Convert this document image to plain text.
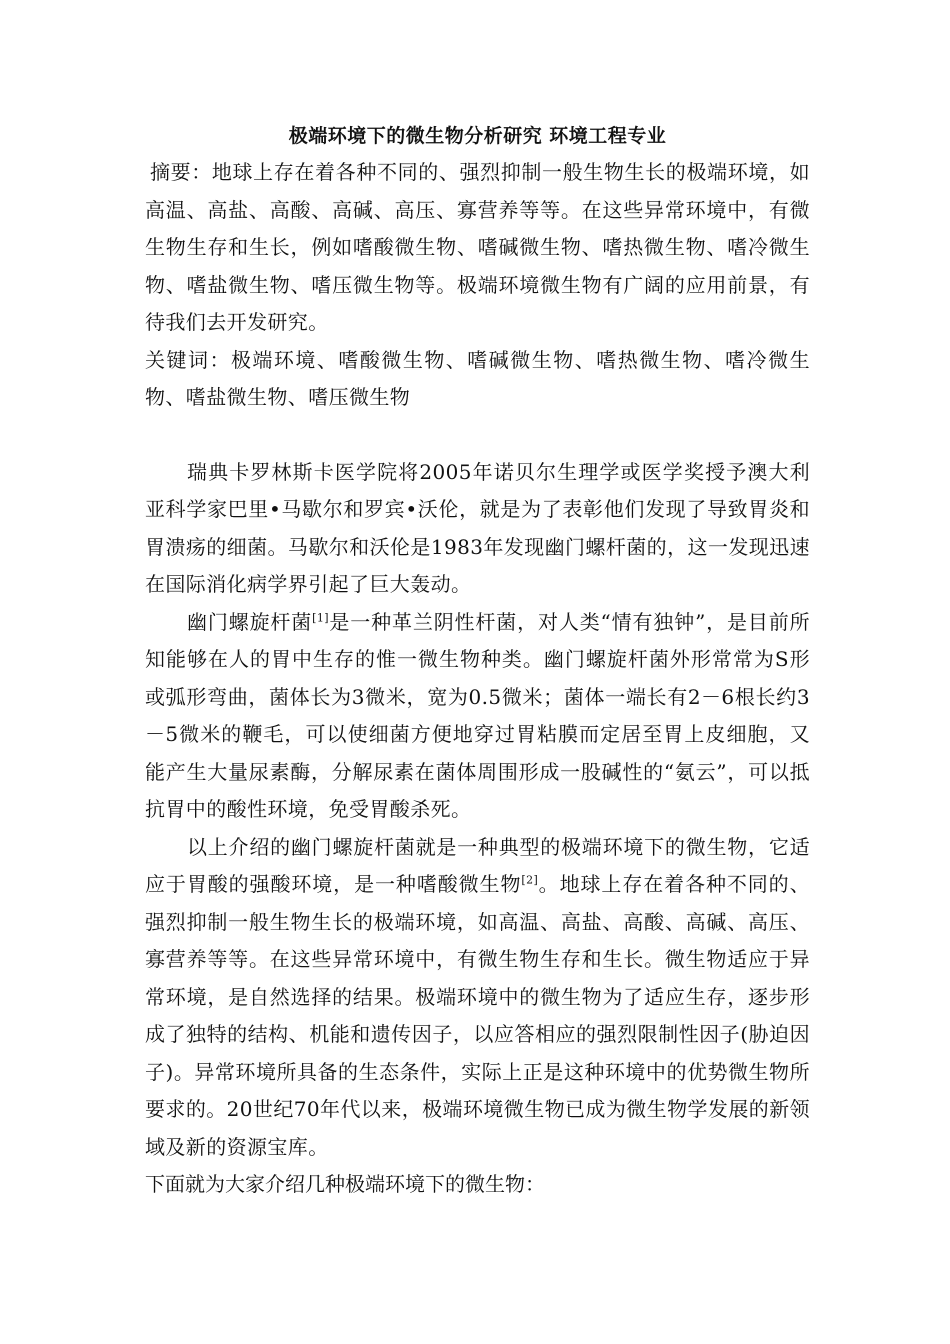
极端环境下的微生物分析研究 环境工程专业

摘要：地球上存在着各种不同的、强烈抑制一般生物生长的极端环境，如高温、高盐、高酸、高碱、高压、寡营养等等。在这些异常环境中，有微生物生存和生长，例如嗜酸微生物、嗜碱微生物、嗜热微生物、嗜冷微生物、嗜盐微生物、嗜压微生物等。极端环境微生物有广阔的应用前景，有待我们去开发研究。

关键词：极端环境、嗜酸微生物、嗜碱微生物、嗜热微生物、嗜冷微生物、嗜盐微生物、嗜压微生物

瑞典卡罗林斯卡医学院将2005年诺贝尔生理学或医学奖授予澳大利亚科学家巴里•马歇尔和罗宾•沃伦，就是为了表彰他们发现了导致胃炎和胃溃疡的细菌。马歇尔和沃伦是1983年发现幽门螺杆菌的，这一发现迅速在国际消化病学界引起了巨大轰动。

幽门螺旋杆菌[1]是一种革兰阴性杆菌，对人类“情有独钟”，是目前所知能够在人的胃中生存的惟一微生物种类。幽门螺旋杆菌外形常常为S形或弧形弯曲，菌体长为3微米，宽为0.5微米；菌体一端长有2－6根长约3－5微米的鞭毛，可以使细菌方便地穿过胃粘膜而定居至胃上皮细胞，又能产生大量尿素酶，分解尿素在菌体周围形成一股碱性的“氨云”，可以抵抗胃中的酸性环境，免受胃酸杀死。

以上介绍的幽门螺旋杆菌就是一种典型的极端环境下的微生物，它适应于胃酸的强酸环境，是一种嗜酸微生物[2]。地球上存在着各种不同的、强烈抑制一般生物生长的极端环境，如高温、高盐、高酸、高碱、高压、寡营养等等。在这些异常环境中，有微生物生存和生长。微生物适应于异常环境，是自然选择的结果。极端环境中的微生物为了适应生存，逐步形成了独特的结构、机能和遗传因子，以应答相应的强烈限制性因子(胁迫因子)。异常环境所具备的生态条件，实际上正是这种环境中的优势微生物所要求的。20世纪70年代以来，极端环境微生物已成为微生物学发展的新领域及新的资源宝库。

下面就为大家介绍几种极端环境下的微生物：
